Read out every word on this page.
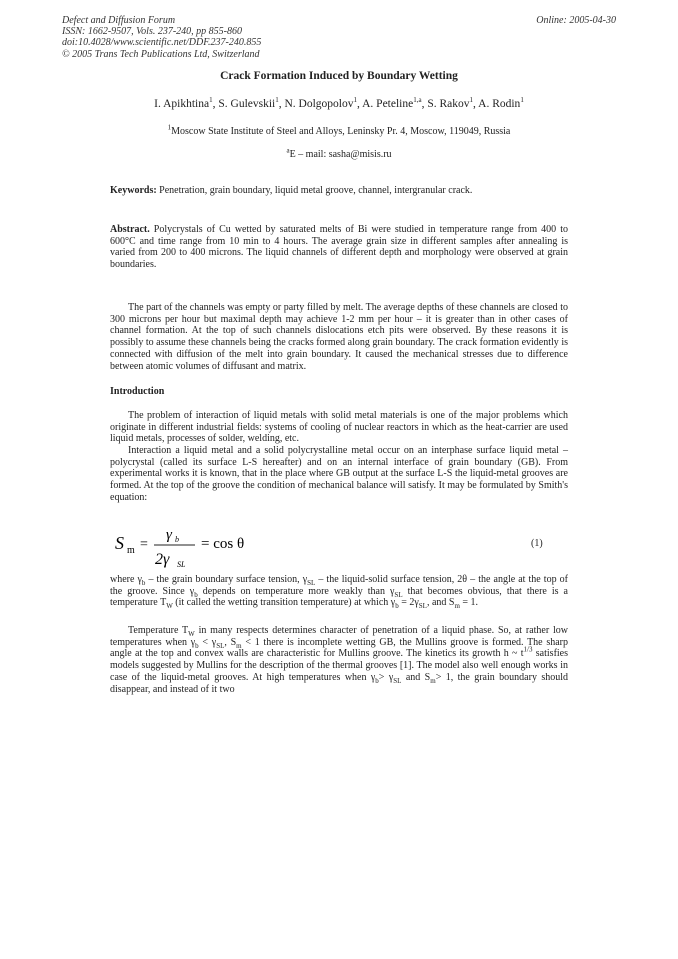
Defect and Diffusion Forum
ISSN: 1662-9507, Vols. 237-240, pp 855-860
doi:10.4028/www.scientific.net/DDF.237-240.855
© 2005 Trans Tech Publications Ltd, Switzerland
Online: 2005-04-30
Crack Formation Induced by Boundary Wetting
I. Apikhtina$^1$, S. Gulevskii$^1$, N. Dolgopolov$^1$, A. Peteline$^{1,a}$, S. Rakov$^1$, A. Rodin$^1$
$^1$Moscow State Institute of Steel and Alloys, Leninsky Pr. 4, Moscow, 119049, Russia
$^a$E – mail: sasha@misis.ru
Keywords: Penetration, grain boundary, liquid metal groove, channel, intergranular crack.
Abstract. Polycrystals of Cu wetted by saturated melts of Bi were studied in temperature range from 400 to 600°C and time range from 10 min to 4 hours. The average grain size in different samples after annealing is varied from 200 to 400 microns. The liquid channels of different depth and morphology were observed at grain boundaries.
The part of the channels was empty or party filled by melt. The average depths of these channels are closed to 300 microns per hour but maximal depth may achieve 1-2 mm per hour – it is greater than in other cases of channel formation. At the top of such channels dislocations etch pits were observed. By these reasons it is possibly to assume these channels being the cracks formed along grain boundary. The crack formation evidently is connected with diffusion of the melt into grain boundary. It caused the mechanical stresses due to difference between atomic volumes of diffusant and matrix.
Introduction
The problem of interaction of liquid metals with solid metal materials is one of the major problems which originate in different industrial fields: systems of cooling of nuclear reactors in which as the heat-carrier are used liquid metals, processes of solder, welding, etc.
Interaction a liquid metal and a solid polycrystalline metal occur on an interphase surface liquid metal – polycrystal (called its surface L-S hereafter) and on an internal interface of grain boundary (GB). From experimental works it is known, that in the place where GB output at the surface L-S the liquid-metal grooves are formed. At the top of the groove the condition of mechanical balance will satisfy. It may be formulated by Smith's equation:
S m =
γ b
2γ SL
= cos θ	(1)
where $\gamma_b$ – the grain boundary surface tension, $\gamma_{SL}$ – the liquid-solid surface tension, 2θ – the angle at the top of the groove. Since $\gamma_b$ depends on temperature more weakly than $\gamma_{SL}$ that becomes obvious, that there is a temperature $T_W$ (it called the wetting transition temperature) at which $\gamma_b = 2\gamma_{SL}$, and $S_m = 1$.
Temperature $T_W$ in many respects determines character of penetration of a liquid phase. So, at rather low temperatures when $\gamma_b < \gamma_{SL}$, $S_m < 1$ there is incomplete wetting GB, the Mullins groove is formed. The sharp angle at the top and convex walls are characteristic for Mullins groove. The kinetics its growth h ~ $t^{1/3}$ satisfies models suggested by Mullins for the description of the thermal grooves [1]. The model also well enough works in case of the liquid-metal grooves. At high temperatures when $\gamma_b> \gamma_{SL}$ and $S_m> 1$, the grain boundary should disappear, and instead of it two
